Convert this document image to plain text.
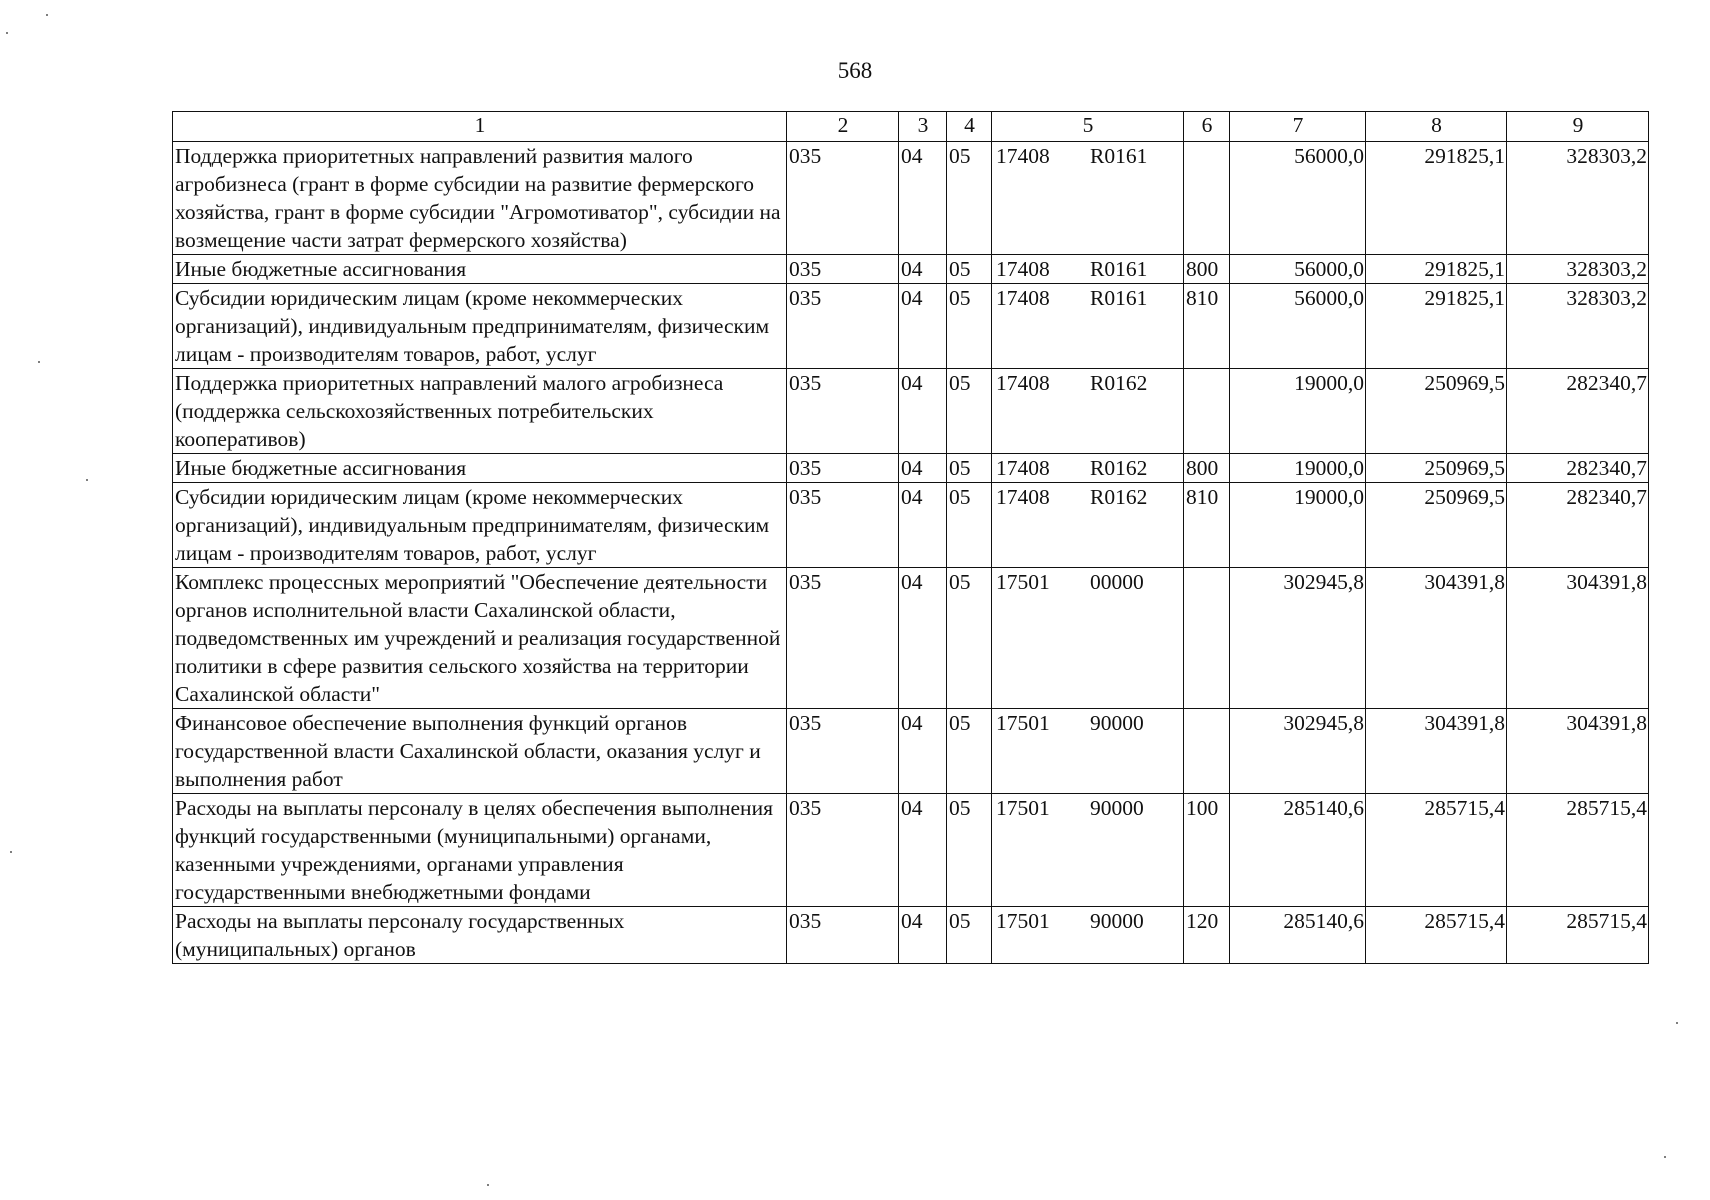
568
1	2	3	4	5	6	7	8	9
Поддержка приоритетных направлений развития малого агробизнеса (грант в форме субсидии на развитие фермерского хозяйства, грант в форме субсидии "Агромотиватор", субсидии на возмещение части затрат фермерского хозяйства)	035	04	05	17408 R0161		56000,0	291825,1	328303,2
Иные бюджетные ассигнования	035	04	05	17408 R0161	800	56000,0	291825,1	328303,2
Субсидии юридическим лицам (кроме некоммерческих организаций), индивидуальным предпринимателям, физическим лицам - производителям товаров, работ, услуг	035	04	05	17408 R0161	810	56000,0	291825,1	328303,2
Поддержка приоритетных направлений малого агробизнеса (поддержка сельскохозяйственных потребительских кооперативов)	035	04	05	17408 R0162		19000,0	250969,5	282340,7
Иные бюджетные ассигнования	035	04	05	17408 R0162	800	19000,0	250969,5	282340,7
Субсидии юридическим лицам (кроме некоммерческих организаций), индивидуальным предпринимателям, физическим лицам - производителям товаров, работ, услуг	035	04	05	17408 R0162	810	19000,0	250969,5	282340,7
Комплекс процессных мероприятий "Обеспечение деятельности органов исполнительной власти Сахалинской области, подведомственных им учреждений и реализация государственной политики в сфере развития сельского хозяйства на территории Сахалинской области"	035	04	05	17501 00000		302945,8	304391,8	304391,8
Финансовое обеспечение выполнения функций органов государственной власти Сахалинской области, оказания услуг и выполнения работ	035	04	05	17501 90000		302945,8	304391,8	304391,8
Расходы на выплаты персоналу в целях обеспечения выполнения функций государственными (муниципальными) органами, казенными учреждениями, органами управления государственными внебюджетными фондами	035	04	05	17501 90000	100	285140,6	285715,4	285715,4
Расходы на выплаты персоналу государственных (муниципальных) органов	035	04	05	17501 90000	120	285140,6	285715,4	285715,4
